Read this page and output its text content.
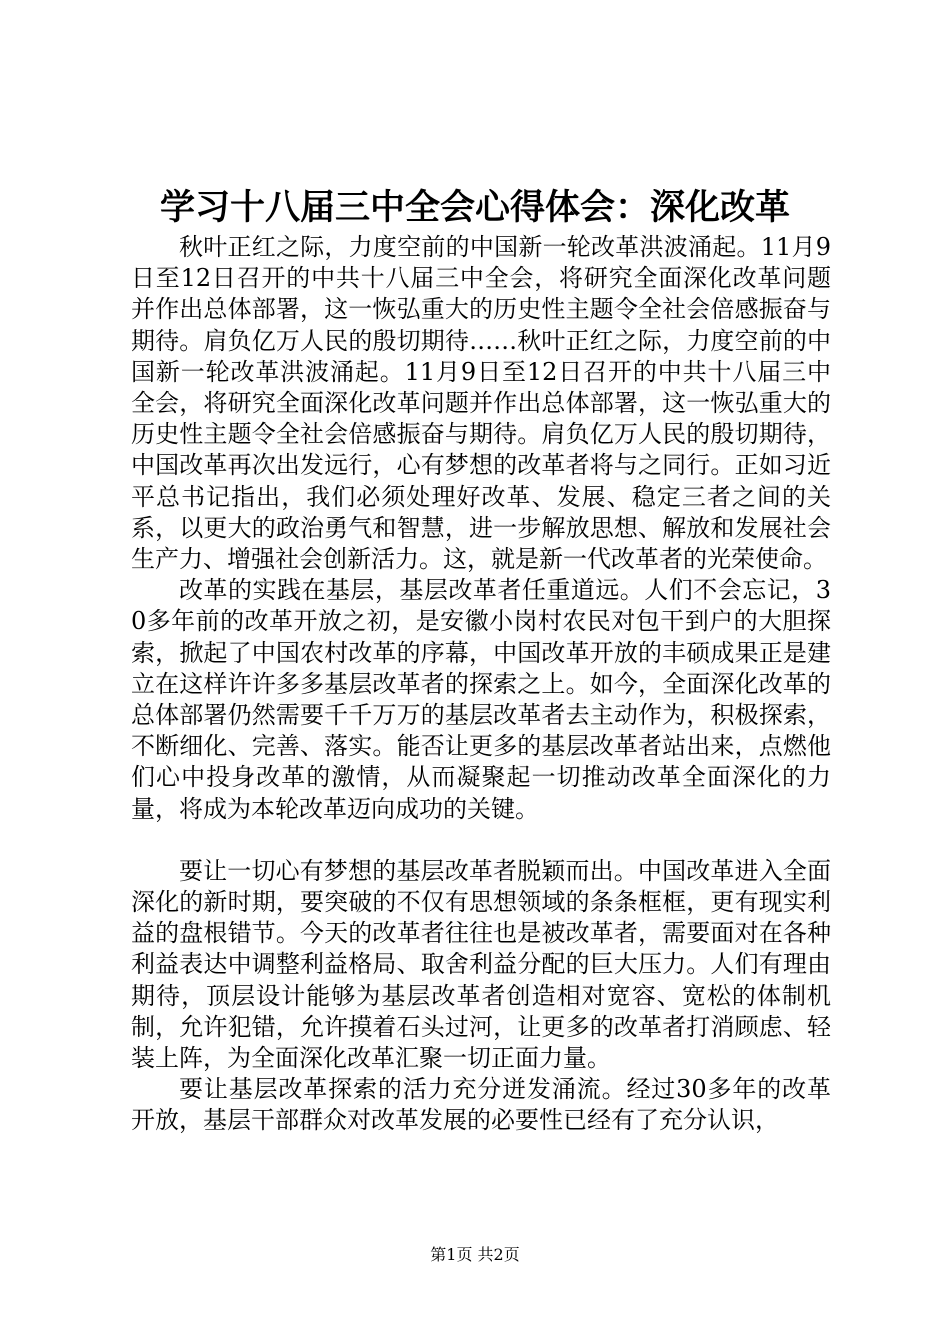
学习十八届三中全会心得体会：深化改革

秋叶正红之际，力度空前的中国新一轮改革洪波涌起。11月9日至12日召开的中共十八届三中全会，将研究全面深化改革问题并作出总体部署，这一恢弘重大的历史性主题令全社会倍感振奋与期待。肩负亿万人民的殷切期待……秋叶正红之际，力度空前的中国新一轮改革洪波涌起。11月9日至12日召开的中共十八届三中全会，将研究全面深化改革问题并作出总体部署，这一恢弘重大的历史性主题令全社会倍感振奋与期待。肩负亿万人民的殷切期待，中国改革再次出发远行，心有梦想的改革者将与之同行。正如习近平总书记指出，我们必须处理好改革、发展、稳定三者之间的关系，以更大的政治勇气和智慧，进一步解放思想、解放和发展社会生产力、增强社会创新活力。这，就是新一代改革者的光荣使命。

改革的实践在基层，基层改革者任重道远。人们不会忘记，30多年前的改革开放之初，是安徽小岗村农民对包干到户的大胆探索，掀起了中国农村改革的序幕，中国改革开放的丰硕成果正是建立在这样许许多多基层改革者的探索之上。如今，全面深化改革的总体部署仍然需要千千万万的基层改革者去主动作为，积极探索，不断细化、完善、落实。能否让更多的基层改革者站出来，点燃他们心中投身改革的激情，从而凝聚起一切推动改革全面深化的力量，将成为本轮改革迈向成功的关键。

要让一切心有梦想的基层改革者脱颖而出。中国改革进入全面深化的新时期，要突破的不仅有思想领域的条条框框，更有现实利益的盘根错节。今天的改革者往往也是被改革者，需要面对在各种利益表达中调整利益格局、取舍利益分配的巨大压力。人们有理由期待，顶层设计能够为基层改革者创造相对宽容、宽松的体制机制，允许犯错，允许摸着石头过河，让更多的改革者打消顾虑、轻装上阵，为全面深化改革汇聚一切正面力量。

要让基层改革探索的活力充分迸发涌流。经过30多年的改革开放，基层干部群众对改革发展的必要性已经有了充分认识，

第1页 共2页
